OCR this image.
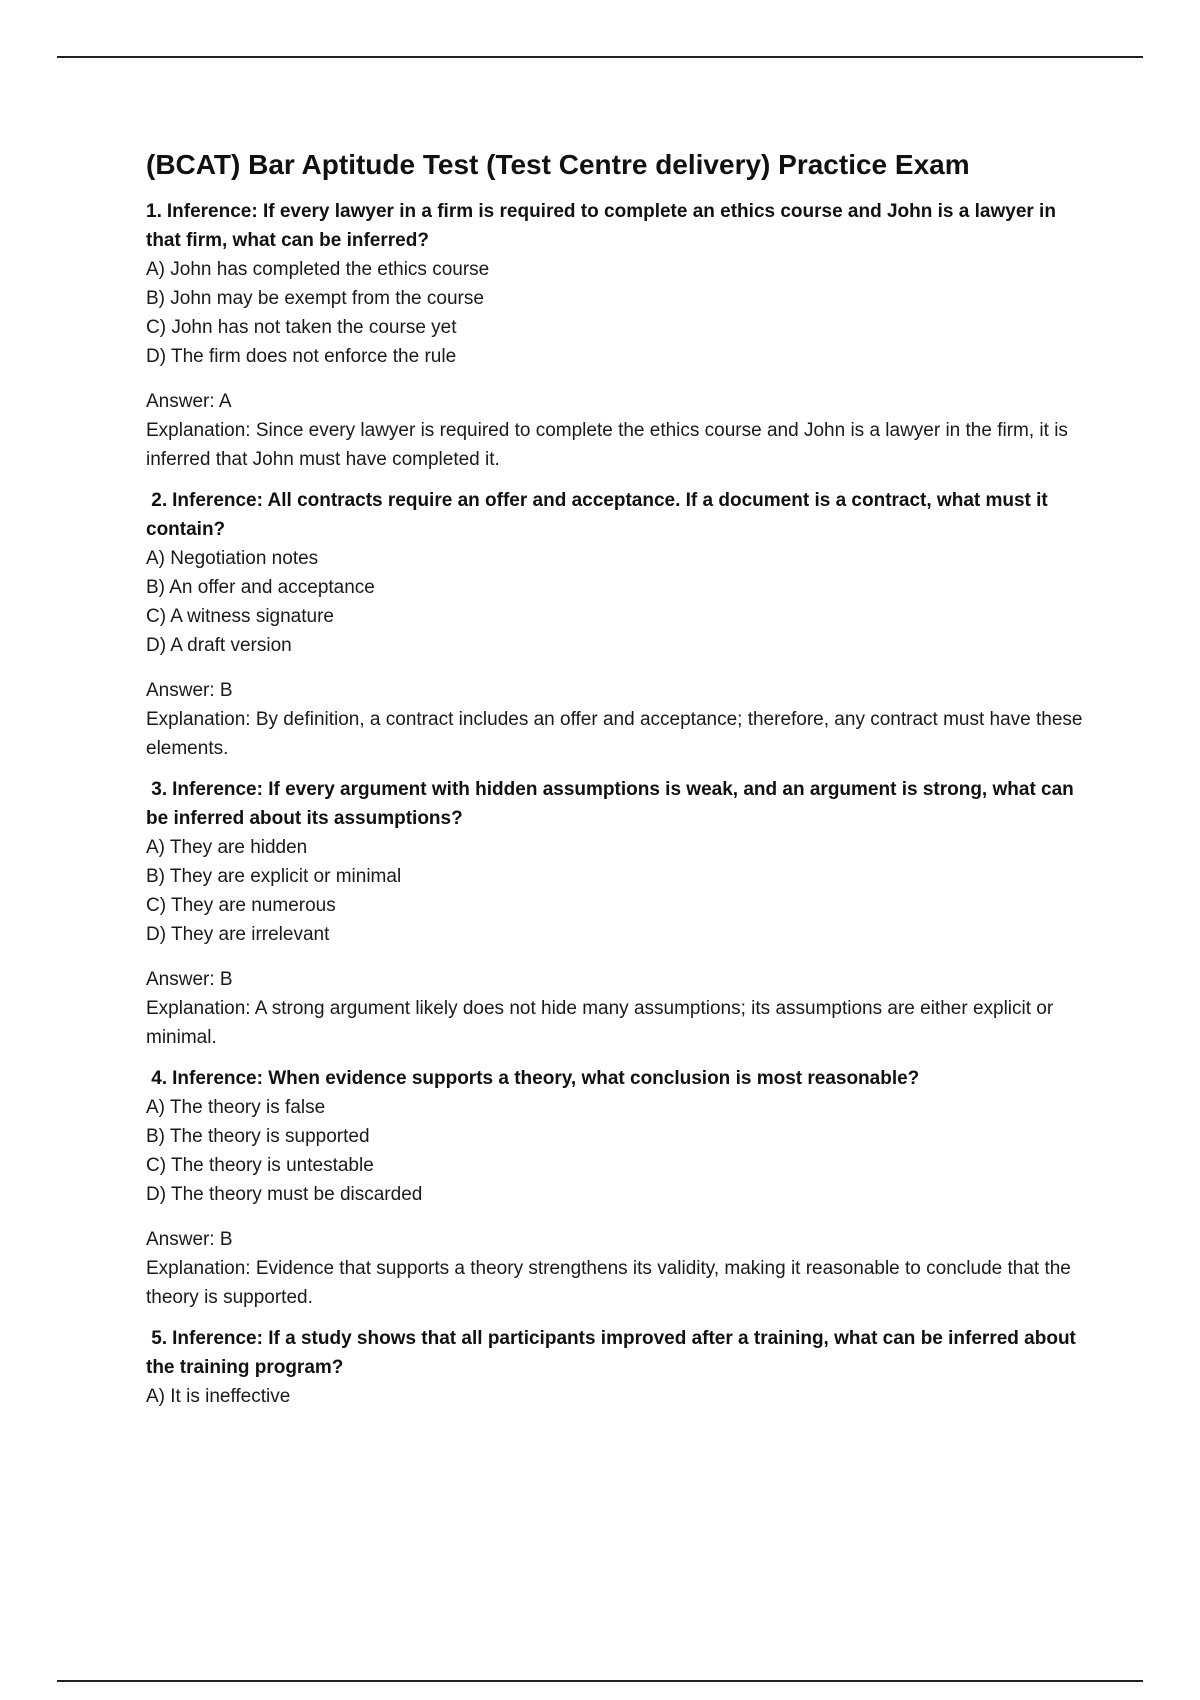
(BCAT) Bar Aptitude Test (Test Centre delivery) Practice Exam
1. Inference: If every lawyer in a firm is required to complete an ethics course and John is a lawyer in that firm, what can be inferred?
A) John has completed the ethics course
B) John may be exempt from the course
C) John has not taken the course yet
D) The firm does not enforce the rule
Answer: A
Explanation: Since every lawyer is required to complete the ethics course and John is a lawyer in the firm, it is inferred that John must have completed it.
2. Inference: All contracts require an offer and acceptance. If a document is a contract, what must it contain?
A) Negotiation notes
B) An offer and acceptance
C) A witness signature
D) A draft version
Answer: B
Explanation: By definition, a contract includes an offer and acceptance; therefore, any contract must have these elements.
3. Inference: If every argument with hidden assumptions is weak, and an argument is strong, what can be inferred about its assumptions?
A) They are hidden
B) They are explicit or minimal
C) They are numerous
D) They are irrelevant
Answer: B
Explanation: A strong argument likely does not hide many assumptions; its assumptions are either explicit or minimal.
4. Inference: When evidence supports a theory, what conclusion is most reasonable?
A) The theory is false
B) The theory is supported
C) The theory is untestable
D) The theory must be discarded
Answer: B
Explanation: Evidence that supports a theory strengthens its validity, making it reasonable to conclude that the theory is supported.
5. Inference: If a study shows that all participants improved after a training, what can be inferred about the training program?
A) It is ineffective
